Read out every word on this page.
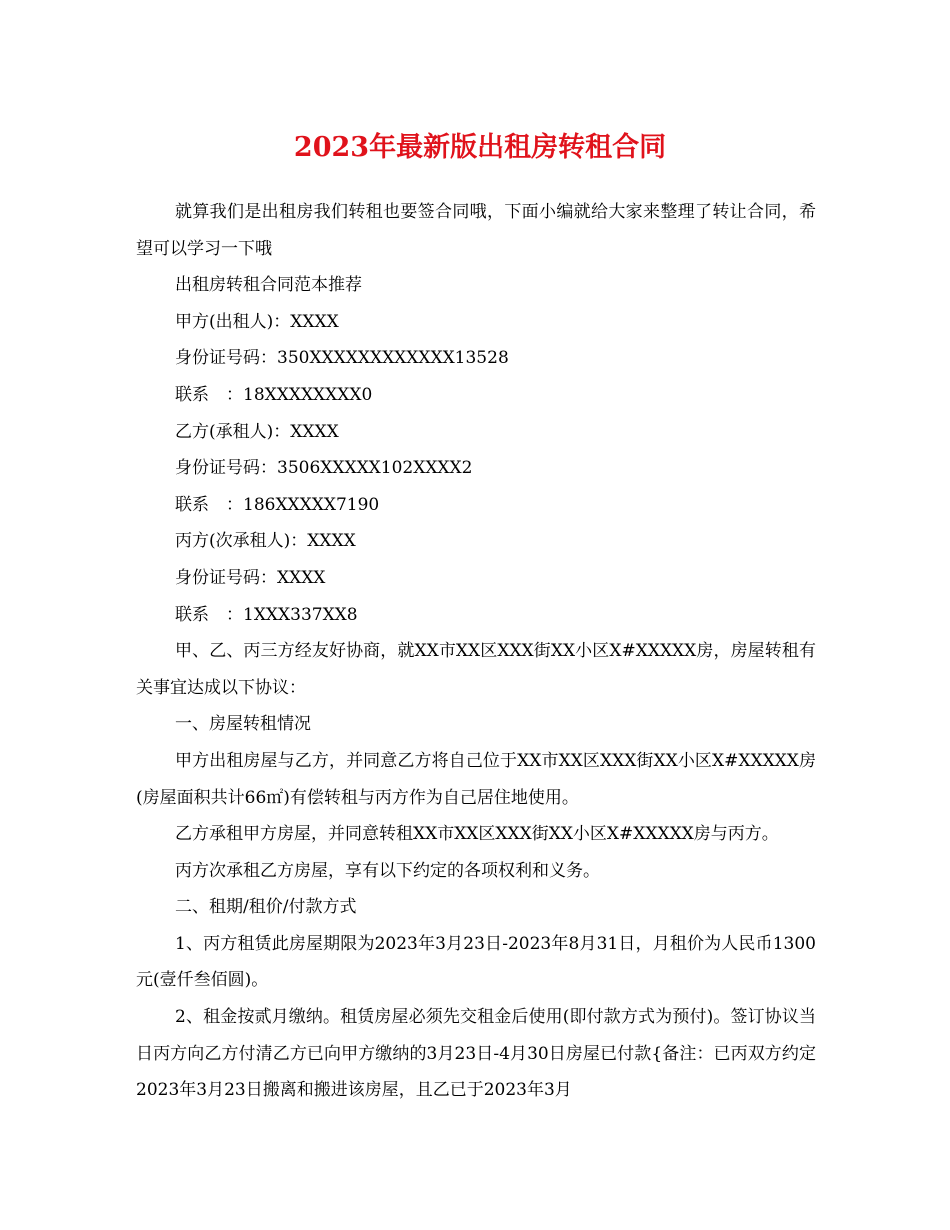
2023年最新版出租房转租合同

就算我们是出租房我们转租也要签合同哦，下面小编就给大家来整理了转让合同，希望可以学习一下哦

出租房转租合同范本推荐

甲方(出租人)：XXXX

身份证号码：350XXXXXXXXXXXX13528

联系　：18XXXXXXXX0

乙方(承租人)：XXXX

身份证号码：3506XXXXX102XXXX2

联系　：186XXXXX7190

丙方(次承租人)：XXXX

身份证号码：XXXX

联系　：1XXX337XX8

甲、乙、丙三方经友好协商，就XX市XX区XXX街XX小区X#XXXXX房，房屋转租有关事宜达成以下协议：

一、房屋转租情况

甲方出租房屋与乙方，并同意乙方将自己位于XX市XX区XXX街XX小区X#XXXXX房(房屋面积共计66㎡)有偿转租与丙方作为自己居住地使用。

乙方承租甲方房屋，并同意转租XX市XX区XXX街XX小区X#XXXXX房与丙方。

丙方次承租乙方房屋，享有以下约定的各项权利和义务。

二、租期/租价/付款方式

1、丙方租赁此房屋期限为2023年3月23日-2023年8月31日，月租价为人民币1300元(壹仟叁佰圆)。

2、租金按贰月缴纳。租赁房屋必须先交租金后使用(即付款方式为预付)。签订协议当日丙方向乙方付清乙方已向甲方缴纳的3月23日-4月30日房屋已付款{备注：已丙双方约定2023年3月23日搬离和搬进该房屋，且乙已于2023年3月
